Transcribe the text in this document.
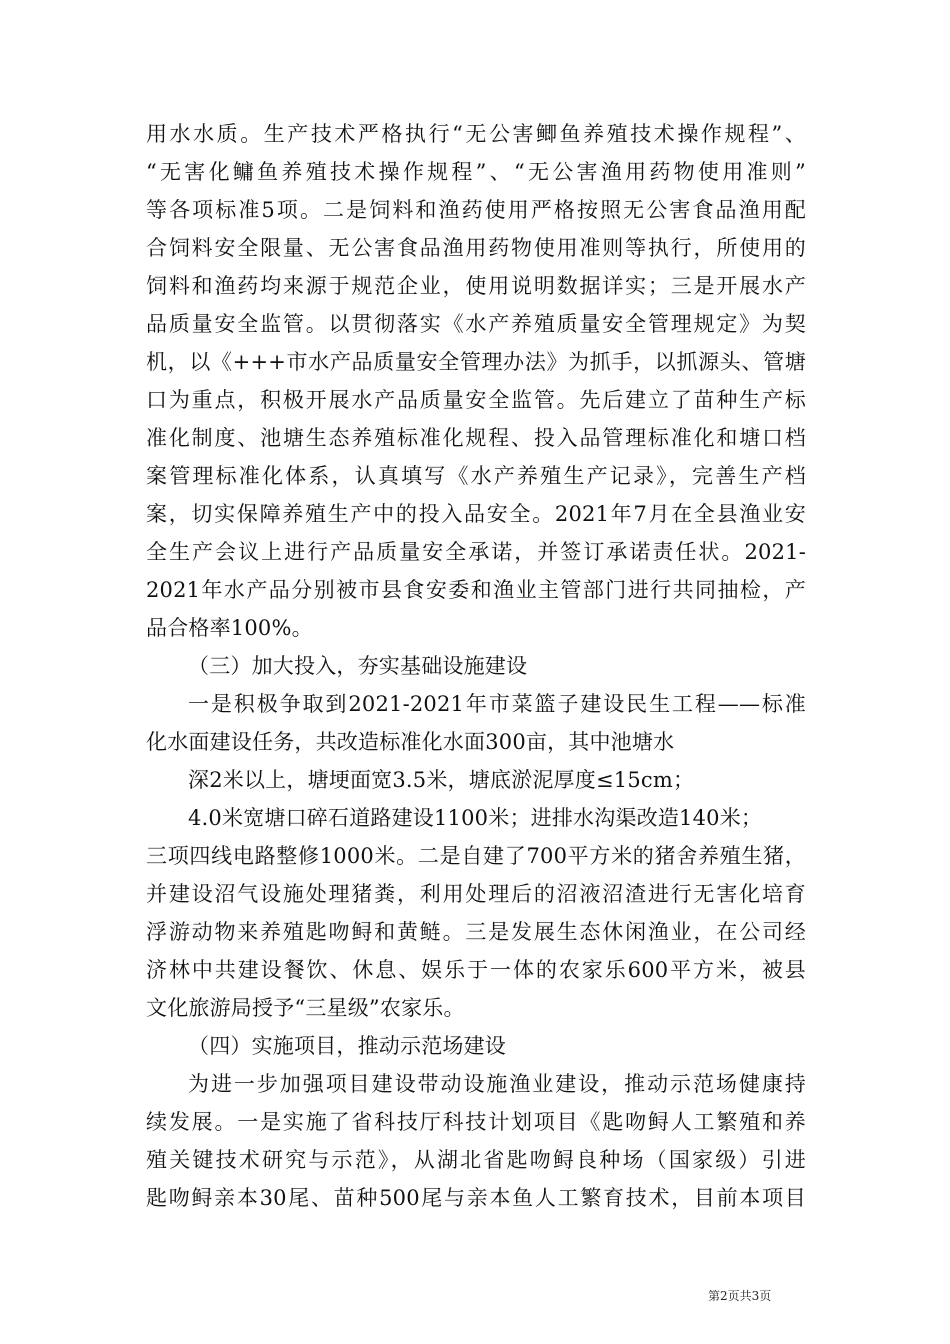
用水水质。生产技术严格执行“无公害鲫鱼养殖技术操作规程”、
“无害化鳙鱼养殖技术操作规程”、“无公害渔用药物使用准则”
等各项标准5项。二是饲料和渔药使用严格按照无公害食品渔用配
合饲料安全限量、无公害食品渔用药物使用准则等执行，所使用的
饲料和渔药均来源于规范企业，使用说明数据详实；三是开展水产
品质量安全监管。以贯彻落实《水产养殖质量安全管理规定》为契
机，以《+++市水产品质量安全管理办法》为抓手，以抓源头、管塘
口为重点，积极开展水产品质量安全监管。先后建立了苗种生产标
准化制度、池塘生态养殖标准化规程、投入品管理标准化和塘口档
案管理标准化体系，认真填写《水产养殖生产记录》，完善生产档
案，切实保障养殖生产中的投入品安全。2021年7月在全县渔业安
全生产会议上进行产品质量安全承诺，并签订承诺责任状。2021-
2021年水产品分别被市县食安委和渔业主管部门进行共同抽检，产
品合格率100%。
（三）加大投入，夯实基础设施建设
一是积极争取到2021-2021年市菜篮子建设民生工程——标准
化水面建设任务，共改造标准化水面300亩，其中池塘水
深2米以上，塘埂面宽3.5米，塘底淤泥厚度≤15cm；
4.0米宽塘口碎石道路建设1100米；进排水沟渠改造140米；
三项四线电路整修1000米。二是自建了700平方米的猪舍养殖生猪，
并建设沼气设施处理猪粪，利用处理后的沼液沼渣进行无害化培育
浮游动物来养殖匙吻鲟和黄鲢。三是发展生态休闲渔业，在公司经
济林中共建设餐饮、休息、娱乐于一体的农家乐600平方米，被县
文化旅游局授予“三星级”农家乐。
（四）实施项目，推动示范场建设
为进一步加强项目建设带动设施渔业建设，推动示范场健康持
续发展。一是实施了省科技厅科技计划项目《匙吻鲟人工繁殖和养
殖关键技术研究与示范》，从湖北省匙吻鲟良种场（国家级）引进
匙吻鲟亲本30尾、苗种500尾与亲本鱼人工繁育技术，目前本项目
第2页共3页
